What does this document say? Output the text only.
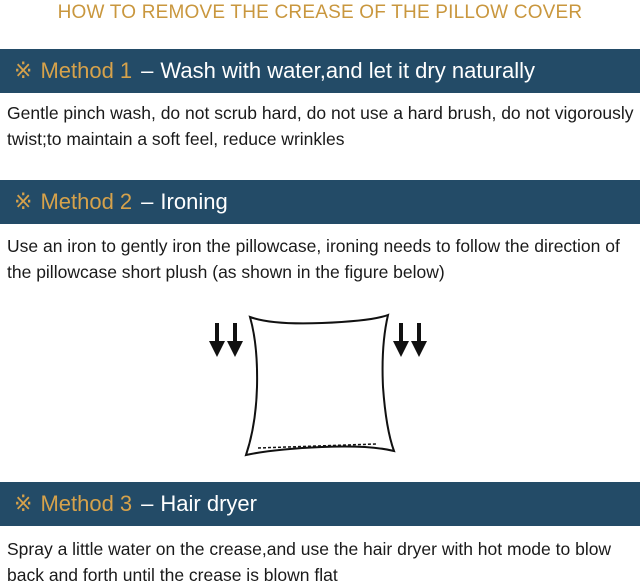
HOW TO REMOVE THE CREASE OF THE PILLOW COVER
※ Method 1 – Wash with water,and let it dry naturally
Gentle pinch wash, do not scrub hard, do not use a hard brush, do not vigorously twist;to maintain a soft feel, reduce wrinkles
※ Method 2 – Ironing
Use an iron to gently iron the pillowcase, ironing needs to follow the direction of the pillowcase short plush (as shown in the figure below)
※ Method 3 – Hair dryer
Spray a little water on the crease,and use the hair dryer with hot mode to blow back and forth until the crease is blown flat
